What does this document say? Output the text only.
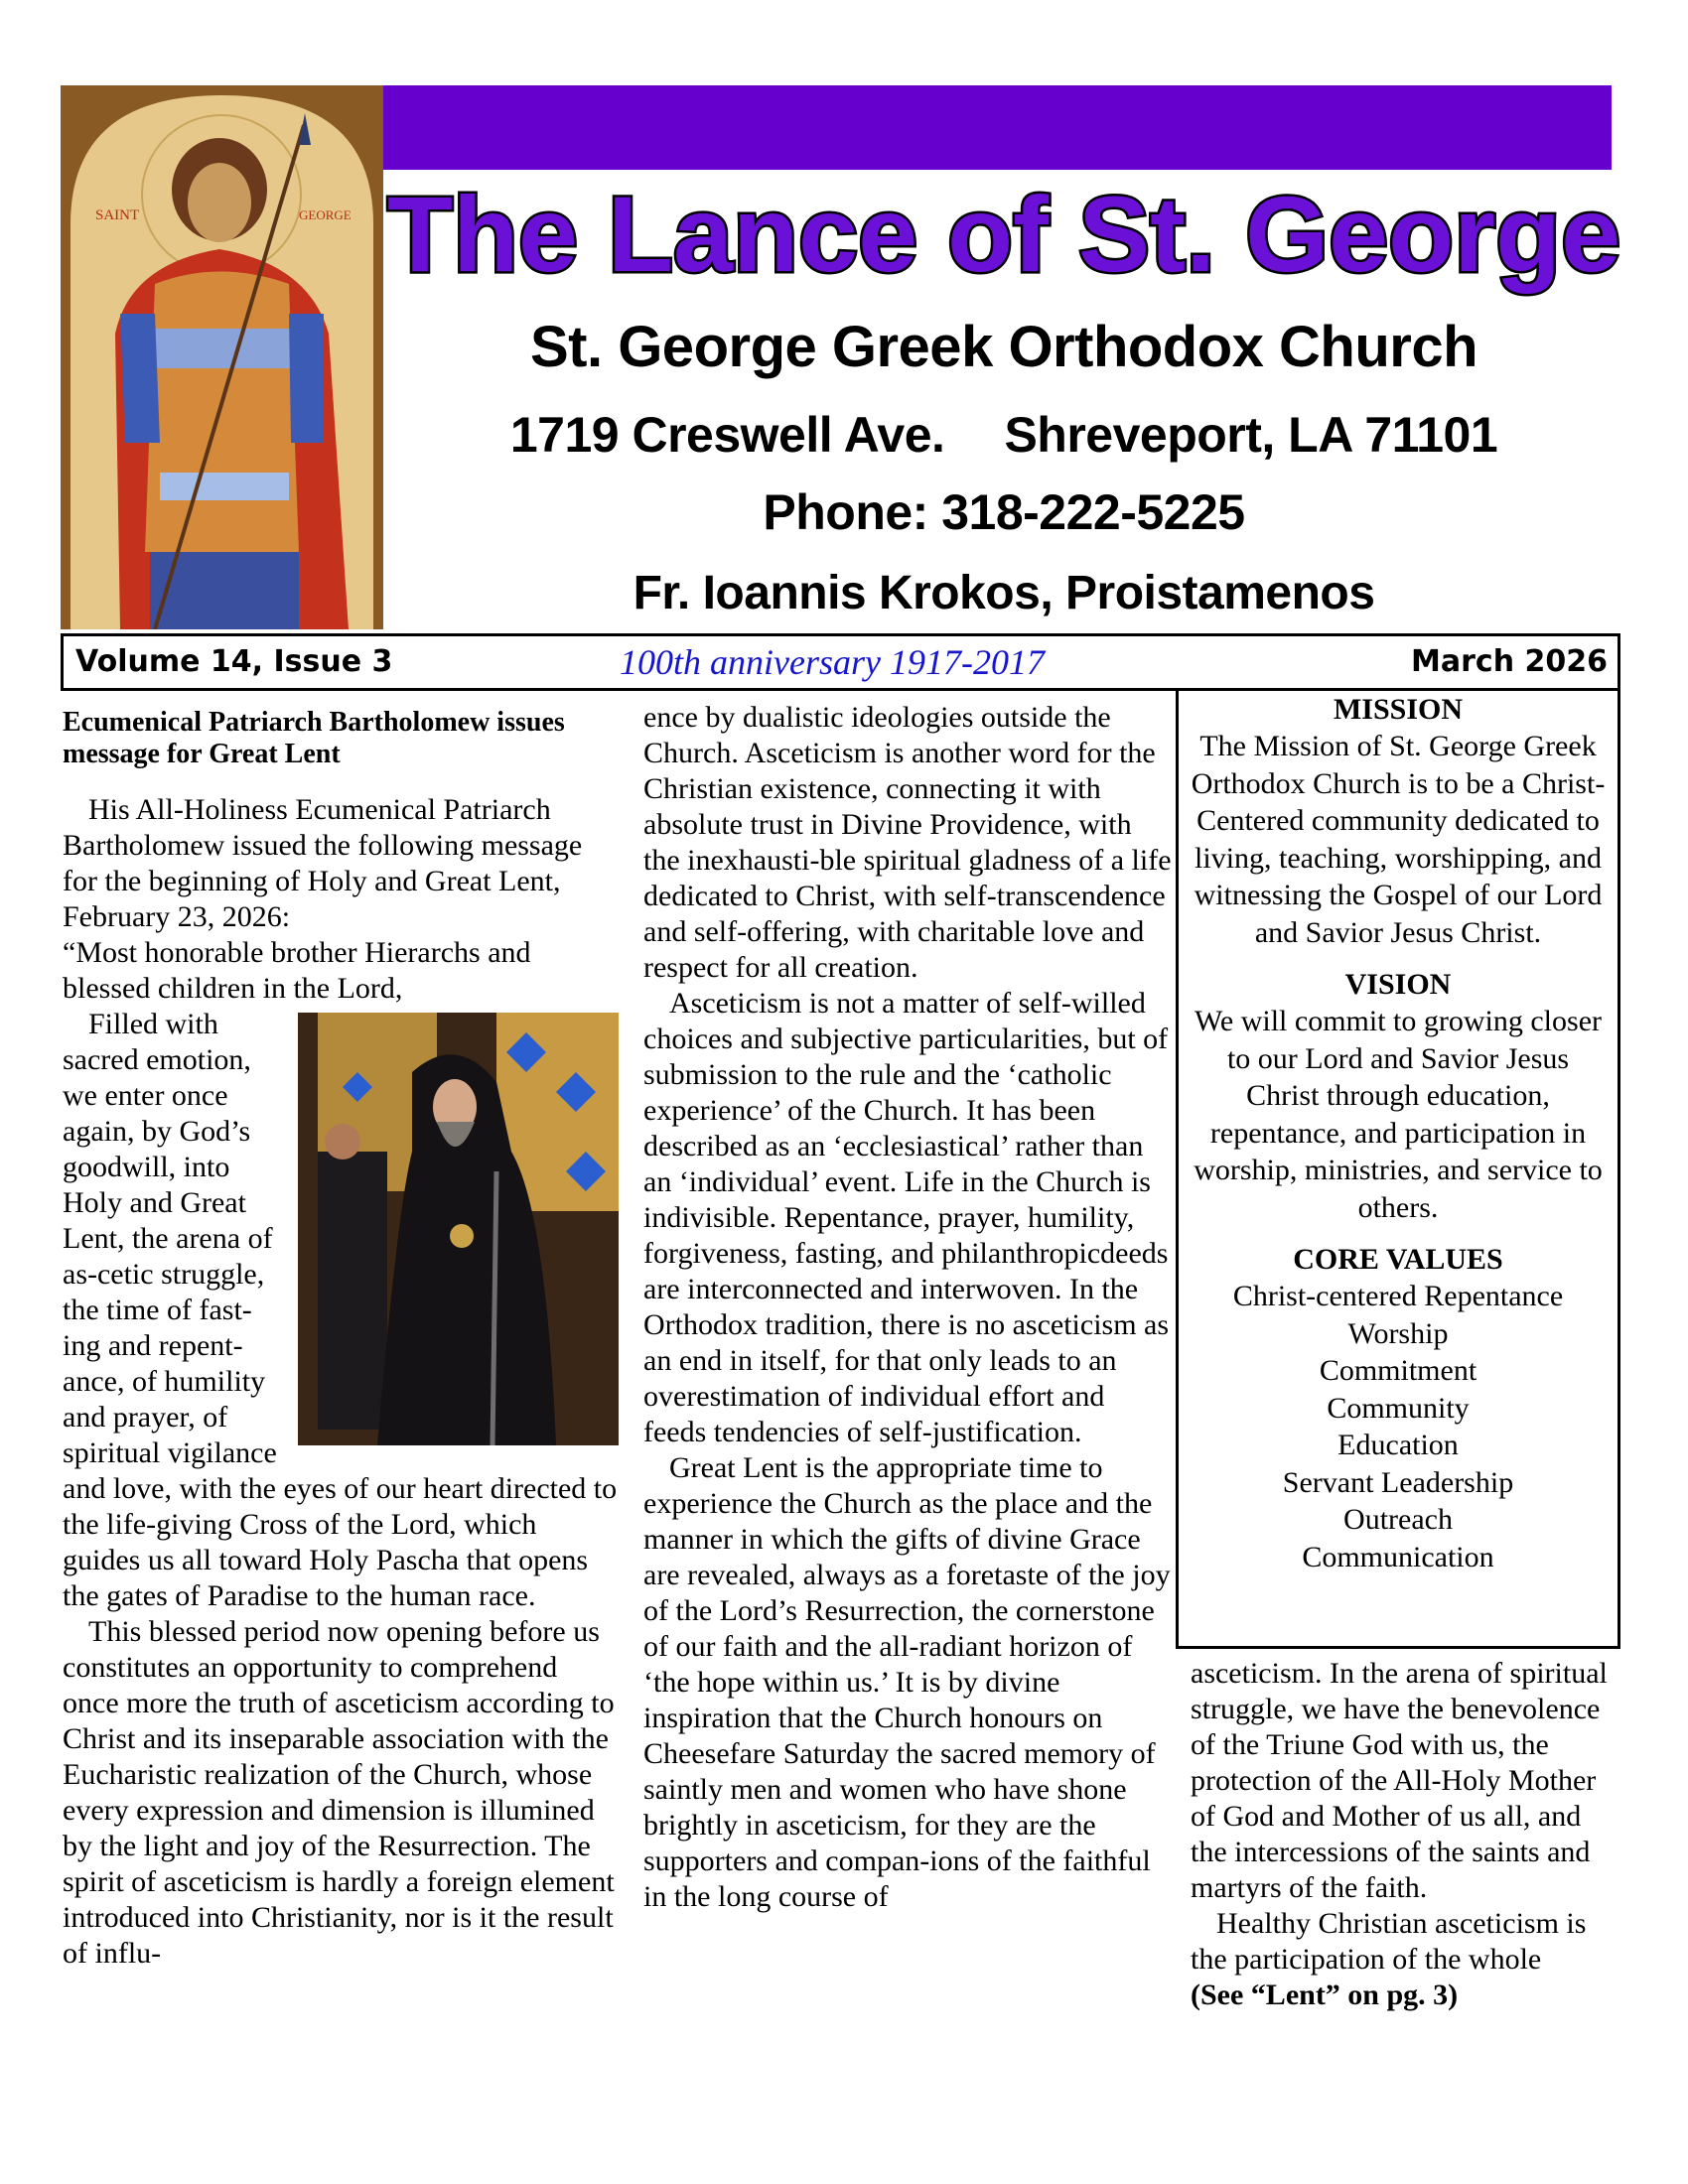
SAINT	GEORGE The Lance of St. George
St. George Greek Orthodox Church
1719 Creswell Ave. Shreveport, LA 71101
Phone: 318-222-5225
Fr. Ioannis Krokos, Proistamenos
Volume 14, Issue 3	100th anniversary 1917-2017	March 2026

Ecumenical Patriarch Bartholomew issues message for Great Lent

His All-Holiness Ecumenical Patriarch Bartholomew issued the following message for the beginning of Holy and Great Lent, February 23, 2026:

“Most honorable brother Hierarchs and blessed children in the Lord,

Filled with sacred emotion, we enter once again, by God’s goodwill, into Holy and Great Lent, the arena of as-cetic struggle, the time of fast-ing and repent-ance, of humility and prayer, of spiritual vigilance and love, with the eyes of our heart directed to the life-giving Cross of the Lord, which guides us all toward Holy Pascha that opens the gates of Paradise to the human race.

This blessed period now opening before us constitutes an opportunity to comprehend once more the truth of asceticism according to Christ and its inseparable association with the Eucharistic realization of the Church, whose every expression and dimension is illumined by the light and joy of the Resurrection. The spirit of asceticism is hardly a foreign element introduced into Christianity, nor is it the result of influ-

ence by dualistic ideologies outside the Church. Asceticism is another word for the Christian existence, connecting it with absolute trust in Divine Providence, with the inexhausti-ble spiritual gladness of a life dedicated to Christ, with self-transcendence and self-offering, with charitable love and respect for all creation.

Asceticism is not a matter of self-willed choices and subjective particularities, but of submission to the rule and the ‘catholic experience’ of the Church. It has been described as an ‘ecclesiastical’ rather than an ‘individual’ event. Life in the Church is indivisible. Repentance, prayer, humility, forgiveness, fasting, and philanthropicdeeds are interconnected and interwoven. In the Orthodox tradition, there is no asceticism as an end in itself, for that only leads to an overestimation of individual effort and feeds tendencies of self-justification.

Great Lent is the appropriate time to experience the Church as the place and the manner in which the gifts of divine Grace are revealed, always as a foretaste of the joy of the Lord’s Resurrection, the cornerstone of our faith and the all-radiant horizon of ‘the hope within us.’ It is by divine inspiration that the Church honours on Cheesefare Saturday the sacred memory of saintly men and women who have shone brightly in asceticism, for they are the supporters and compan-ions of the faithful in the long course of

MISSION

The Mission of St. George Greek Orthodox Church is to be a Christ-Centered community dedicated to living, teaching, worshipping, and witnessing the Gospel of our Lord and Savior Jesus Christ.

VISION

We will commit to growing closer to our Lord and Savior Jesus Christ through education, repentance, and participation in worship, ministries, and service to others.

CORE VALUES

Christ-centered Repentance

Worship

Commitment

Community

Education

Servant Leadership

Outreach

Communication

asceticism. In the arena of spiritual struggle, we have the benevolence of the Triune God with us, the protection of the All-Holy Mother of God and Mother of us all, and the intercessions of the saints and martyrs of the faith.

Healthy Christian asceticism is the participation of the whole

(See “Lent” on pg. 3)
